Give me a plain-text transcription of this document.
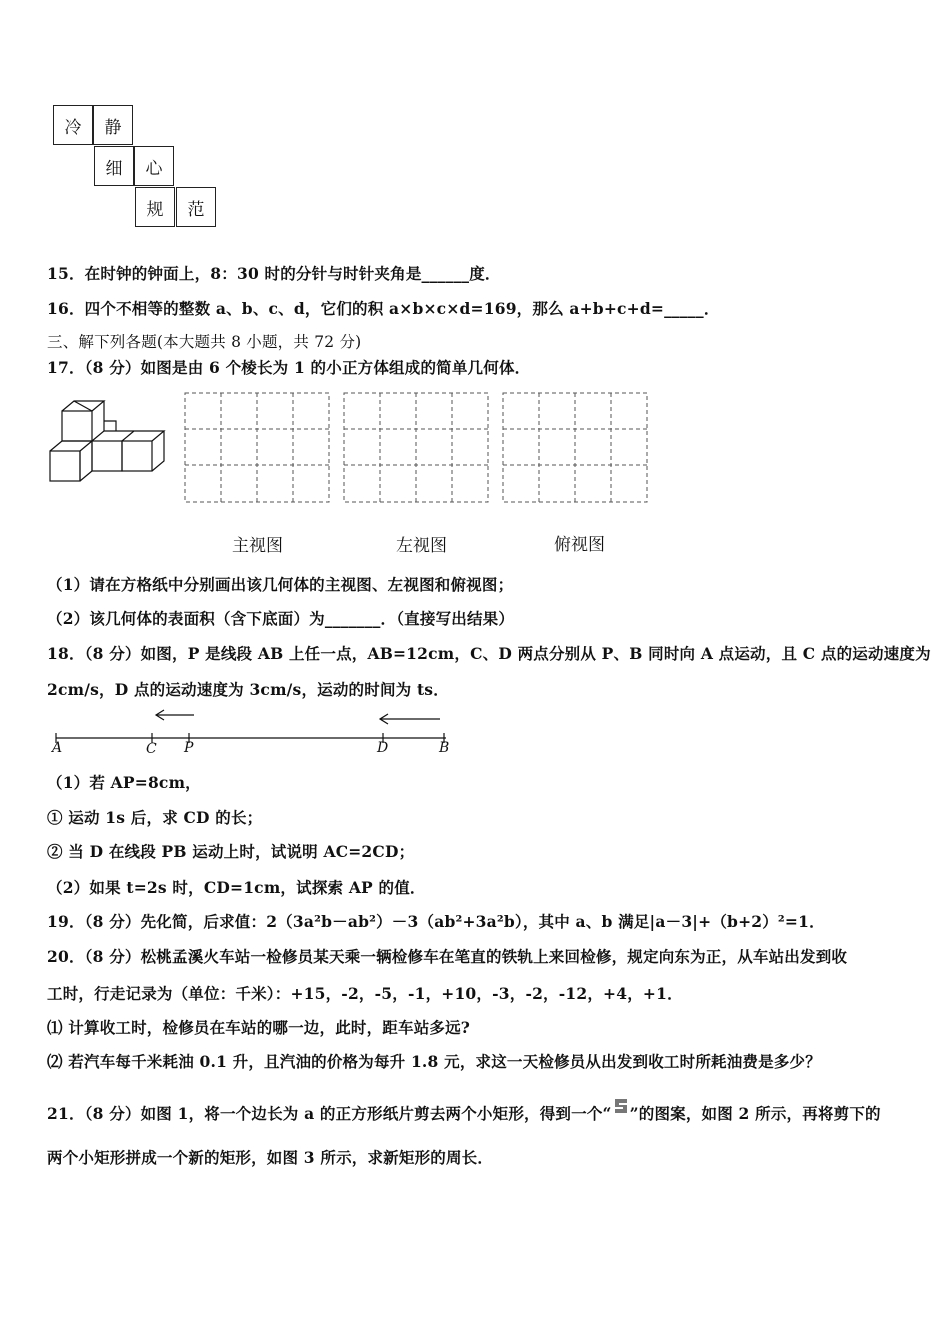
冷	静
细	心
规	范
15．在时钟的钟面上，8：30 时的分针与时针夹角是______度．
16．四个不相等的整数 a、b、c、d，它们的积 a×b×c×d=169，那么 a+b+c+d=_____．
三、解下列各题(本大题共 8 小题，共 72 分)
17．（8 分）如图是由 6 个棱长为 1 的小正方体组成的简单几何体．
主视图	左视图	俯视图
（1）请在方格纸中分别画出该几何体的主视图、左视图和俯视图；
（2）该几何体的表面积（含下底面）为_______．（直接写出结果）
18．（8 分）如图，P 是线段 AB 上任一点，AB=12cm，C、D 两点分别从 P、B 同时向 A 点运动，且 C 点的运动速度为
2cm/s，D 点的运动速度为 3cm/s，运动的时间为 ts．
A	C P	D	B
（1）若 AP=8cm，
① 运动 1s 后，求 CD 的长；
② 当 D 在线段 PB 运动上时，试说明 AC=2CD；
（2）如果 t=2s 时，CD=1cm，试探索 AP 的值．
19．（8 分）先化简，后求值：2（3a²b－ab²）－3（ab²+3a²b），其中 a、b 满足|a－3|+（b+2）²=1．
20．（8 分）松桃孟溪火车站一检修员某天乘一辆检修车在笔直的铁轨上来回检修，规定向东为正，从车站出发到收
工时，行走记录为（单位：千米）：+15，-2，-5，-1，+10，-3，-2，-12，+4，+1．
⑴ 计算收工时，检修员在车站的哪一边，此时，距车站多远?
⑵ 若汽车每千米耗油 0.1 升，且汽油的价格为每升 1.8 元，求这一天检修员从出发到收工时所耗油费是多少？
21．（8 分）如图 1，将一个边长为 a 的正方形纸片剪去两个小矩形，得到一个“ ”的图案，如图 2 所示，再将剪下的
两个小矩形拼成一个新的矩形，如图 3 所示，求新矩形的周长．
